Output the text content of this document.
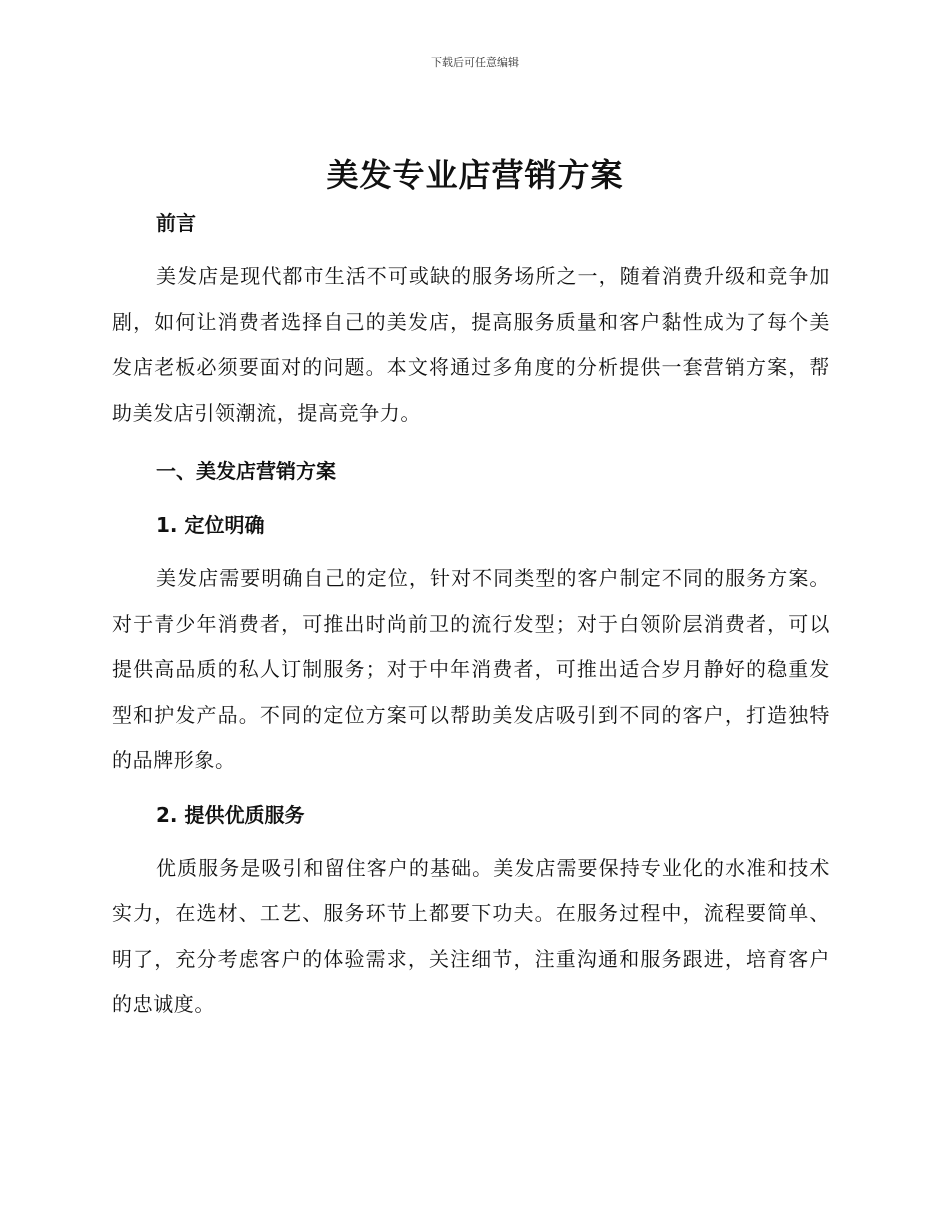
下载后可任意编辑
美发专业店营销方案

前言

美发店是现代都市生活不可或缺的服务场所之一，随着消费升级和竞争加剧，如何让消费者选择自己的美发店，提高服务质量和客户黏性成为了每个美发店老板必须要面对的问题。本文将通过多角度的分析提供一套营销方案，帮助美发店引领潮流，提高竞争力。

一、美发店营销方案

1. 定位明确

美发店需要明确自己的定位，针对不同类型的客户制定不同的服务方案。对于青少年消费者，可推出时尚前卫的流行发型；对于白领阶层消费者，可以提供高品质的私人订制服务；对于中年消费者，可推出适合岁月静好的稳重发型和护发产品。不同的定位方案可以帮助美发店吸引到不同的客户，打造独特的品牌形象。

2. 提供优质服务

优质服务是吸引和留住客户的基础。美发店需要保持专业化的水准和技术实力，在选材、工艺、服务环节上都要下功夫。在服务过程中，流程要简单、明了，充分考虑客户的体验需求，关注细节，注重沟通和服务跟进，培育客户的忠诚度。
